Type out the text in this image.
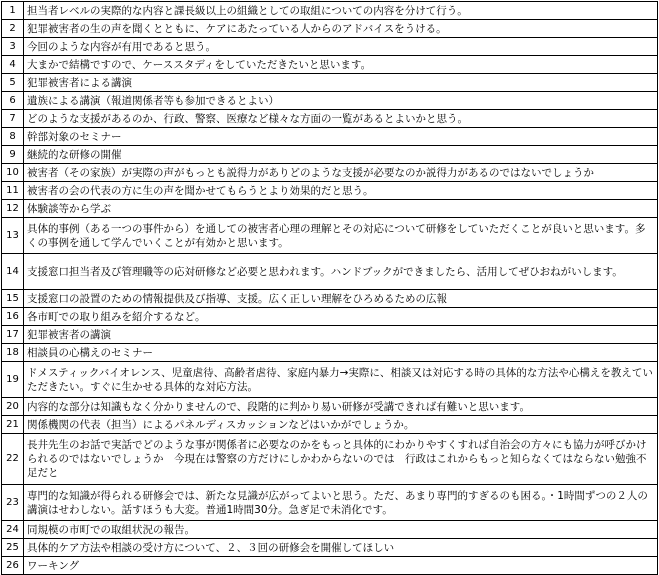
1	担当者レベルの実際的な内容と課長級以上の組織としての取組についての内容を分けて行う。
2	犯罪被害者の生の声を聞くとともに、ケアにあたっている人からのアドバイスをうける。
3	今回のような内容が有用であると思う。
4	大まかで結構ですので、ケーススタディをしていただきたいと思います。
5	犯罪被害者による講演
6	遺族による講演（報道関係者等も参加できるとよい）
7	どのような支援があるのか、行政、警察、医療など様々な方面の一覧があるとよいかと思う。
8	幹部対象のセミナー
9	継続的な研修の開催
10	被害者（その家族）が実際の声がもっとも説得力がありどのような支援が必要なのか説得力があるのではないでしょうか
11	被害者の会の代表の方に生の声を聞かせてもらうとより効果的だと思う。
12	体験談等から学ぶ
13	具体的事例（ある一つの事件から）を通しての被害者心理の理解とその対応について研修をしていただくことが良いと思います。多くの事例を通して学んでいくことが有効かと思います。
14	支援窓口担当者及び管理職等の応対研修など必要と思われます。ハンドブックができましたら、活用してぜひおねがいします。
15	支援窓口の設置のための情報提供及び指導、支援。広く正しい理解をひろめるための広報
16	各市町での取り組みを紹介するなど。
17	犯罪被害者の講演
18	相談員の心構えのセミナー
19	ドメスティックバイオレンス、児童虐待、高齢者虐待、家庭内暴力→実際に、相談又は対応する時の具体的な方法や心構えを教えていただきたい。すぐに生かせる具体的な対応方法。
20	内容的な部分は知識もなく分かりませんので、段階的に判かり易い研修が受講できれば有難いと思います。
21	関係機関の代表（担当）によるパネルディスカッションなどはいかがでしょうか。
22	長井先生のお話で実話でどのような事が関係者に必要なのかをもっと具体的にわかりやすくすれば自治会の方々にも協力が呼びかけられるのではないでしょうか　今現在は警察の方だけにしかわからないのでは　行政はこれからもっと知らなくてはならない勉強不足だと
23	専門的な知識が得られる研修会では、新たな見識が広がってよいと思う。ただ、あまり専門的すぎるのも困る。・1時間ずつの２人の講演はせわしない。話すほうも大変。普通1時間30分。急ぎ足で未消化です。
24	同規模の市町での取組状況の報告。
25	具体的ケア方法や相談の受け方について、２、３回の研修会を開催してほしい
26	ワーキング
